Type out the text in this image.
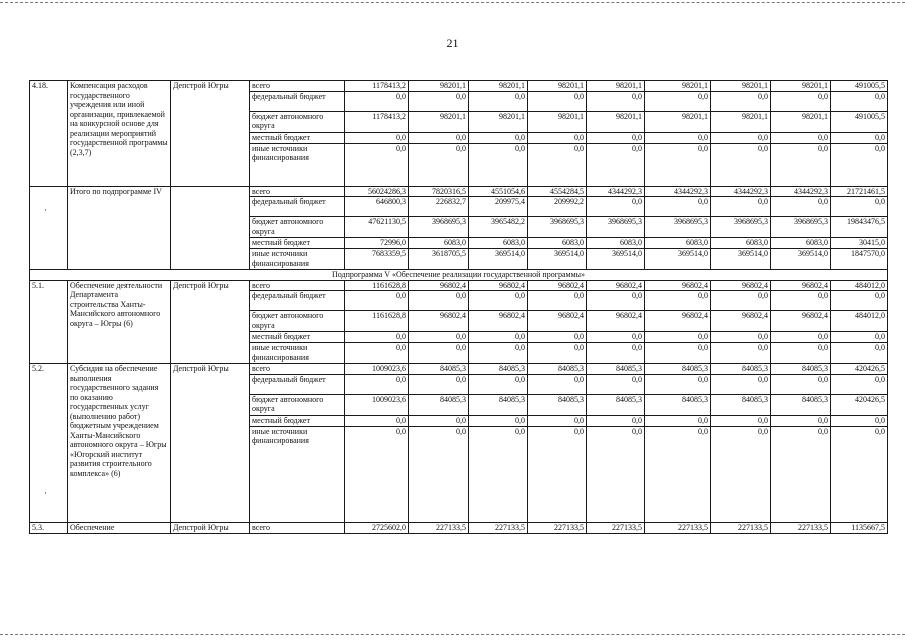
21
4.18.	Компенсация расходов государственного учреждения или иной организации, привлекаемой на конкурсной основе для реализации мероприятий государственной программы (2,3,7)	Депстрой Югры	всего	1178413,2	98201,1	98201,1	98201,1	98201,1	98201,1	98201,1	98201,1	491005,5
			федеральный бюджет	0,0	0,0	0,0	0,0	0,0	0,0	0,0	0,0	0,0
			бюджет автономного округа	1178413,2	98201,1	98201,1	98201,1	98201,1	98201,1	98201,1	98201,1	491005,5
			местный бюджет	0,0	0,0	0,0	0,0	0,0	0,0	0,0	0,0	0,0
			иные источники финансирования	0,0	0,0	0,0	0,0	0,0	0,0	0,0	0,0	0,0
	Итого по подпрограмме IV		всего	56024286,3	7820316,5	4551054,6	4554284,5	4344292,3	4344292,3	4344292,3	4344292,3	21721461,5
			федеральный бюджет	646800,3	226832,7	209975,4	209992,2	0,0	0,0	0,0	0,0	0,0
			бюджет автономного округа	47621130,5	3968695,3	3965482,2	3968695,3	3968695,3	3968695,3	3968695,3	3968695,3	19843476,5
			местный бюджет	72996,0	6083,0	6083,0	6083,0	6083,0	6083,0	6083,0	6083,0	30415,0
			иные источники финансирования	7683359,5	3618705,5	369514,0	369514,0	369514,0	369514,0	369514,0	369514,0	1847570,0
Подпрограмма V «Обеспечение реализации государственной программы»												
5.1.	Обеспечение деятельности Департамента строительства Ханты-Мансийского автономного округа – Югры (6)	Депстрой Югры	всего	1161628,8	96802,4	96802,4	96802,4	96802,4	96802,4	96802,4	96802,4	484012,0
			федеральный бюджет	0,0	0,0	0,0	0,0	0,0	0,0	0,0	0,0	0,0
			бюджет автономного округа	1161628,8	96802,4	96802,4	96802,4	96802,4	96802,4	96802,4	96802,4	484012,0
			местный бюджет	0,0	0,0	0,0	0,0	0,0	0,0	0,0	0,0	0,0
			иные источники финансирования	0,0	0,0	0,0	0,0	0,0	0,0	0,0	0,0	0,0
5.2.	Субсидия на обеспечение выполнения государственного задания по оказанию государственных услуг (выполнению работ) бюджетным учреждением Ханты-Мансийского автономного округа – Югры «Югорский институт развития строительного комплекса» (6)	Депстрой Югры	всего	1009023,6	84085,3	84085,3	84085,3	84085,3	84085,3	84085,3	84085,3	420426,5
			федеральный бюджет	0,0	0,0	0,0	0,0	0,0	0,0	0,0	0,0	0,0
			бюджет автономного округа	1009023,6	84085,3	84085,3	84085,3	84085,3	84085,3	84085,3	84085,3	420426,5
			местный бюджет	0,0	0,0	0,0	0,0	0,0	0,0	0,0	0,0	0,0
			иные источники финансирования	0,0	0,0	0,0	0,0	0,0	0,0	0,0	0,0	0,0
5.3.	Обеспечение	Депстрой Югры	всего	2725602,0	227133,5	227133,5	227133,5	227133,5	227133,5	227133,5	227133,5	1135667,5
·
·
